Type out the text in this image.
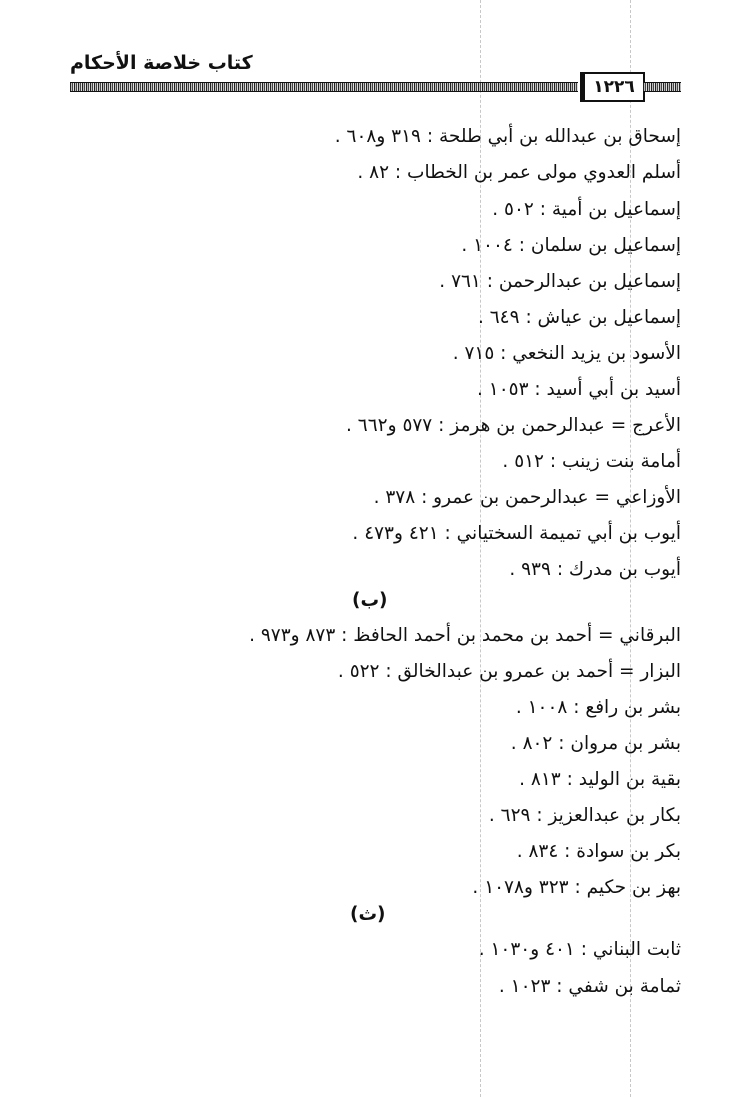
كتاب خلاصة الأحكام
١٢٢٦
إسحاق بن عبدالله بن أبي طلحة : ٣١٩ و٦٠٨ .
أسلم العدوي مولى عمر بن الخطاب : ٨٢ .
إسماعيل بن أمية : ٥٠٢ .
إسماعيل بن سلمان : ١٠٠٤ .
إسماعيل بن عبدالرحمن : ٧٦١ .
إسماعيل بن عياش : ٦٤٩ .
الأسود بن يزيد النخعي : ٧١٥ .
أسيد بن أبي أسيد : ١٠٥٣ .
الأعرج = عبدالرحمن بن هرمز : ٥٧٧ و٦٦٢ .
أمامة بنت زينب : ٥١٢ .
الأوزاعي = عبدالرحمن بن عمرو : ٣٧٨ .
أيوب بن أبي تميمة السختياني : ٤٢١ و٤٧٣ .
أيوب بن مدرك : ٩٣٩ .
(ب)
البرقاني = أحمد بن محمد بن أحمد الحافظ : ٨٧٣ و٩٧٣ .
البزار = أحمد بن عمرو بن عبدالخالق : ٥٢٢ .
بشر بن رافع : ١٠٠٨ .
بشر بن مروان : ٨٠٢ .
بقية بن الوليد : ٨١٣ .
بكار بن عبدالعزيز : ٦٢٩ .
بكر بن سوادة : ٨٣٤ .
بهز بن حكيم : ٣٢٣ و١٠٧٨ .
(ث)
ثابت البناني : ٤٠١ و١٠٣٠ .
ثمامة بن شفي : ١٠٢٣ .
